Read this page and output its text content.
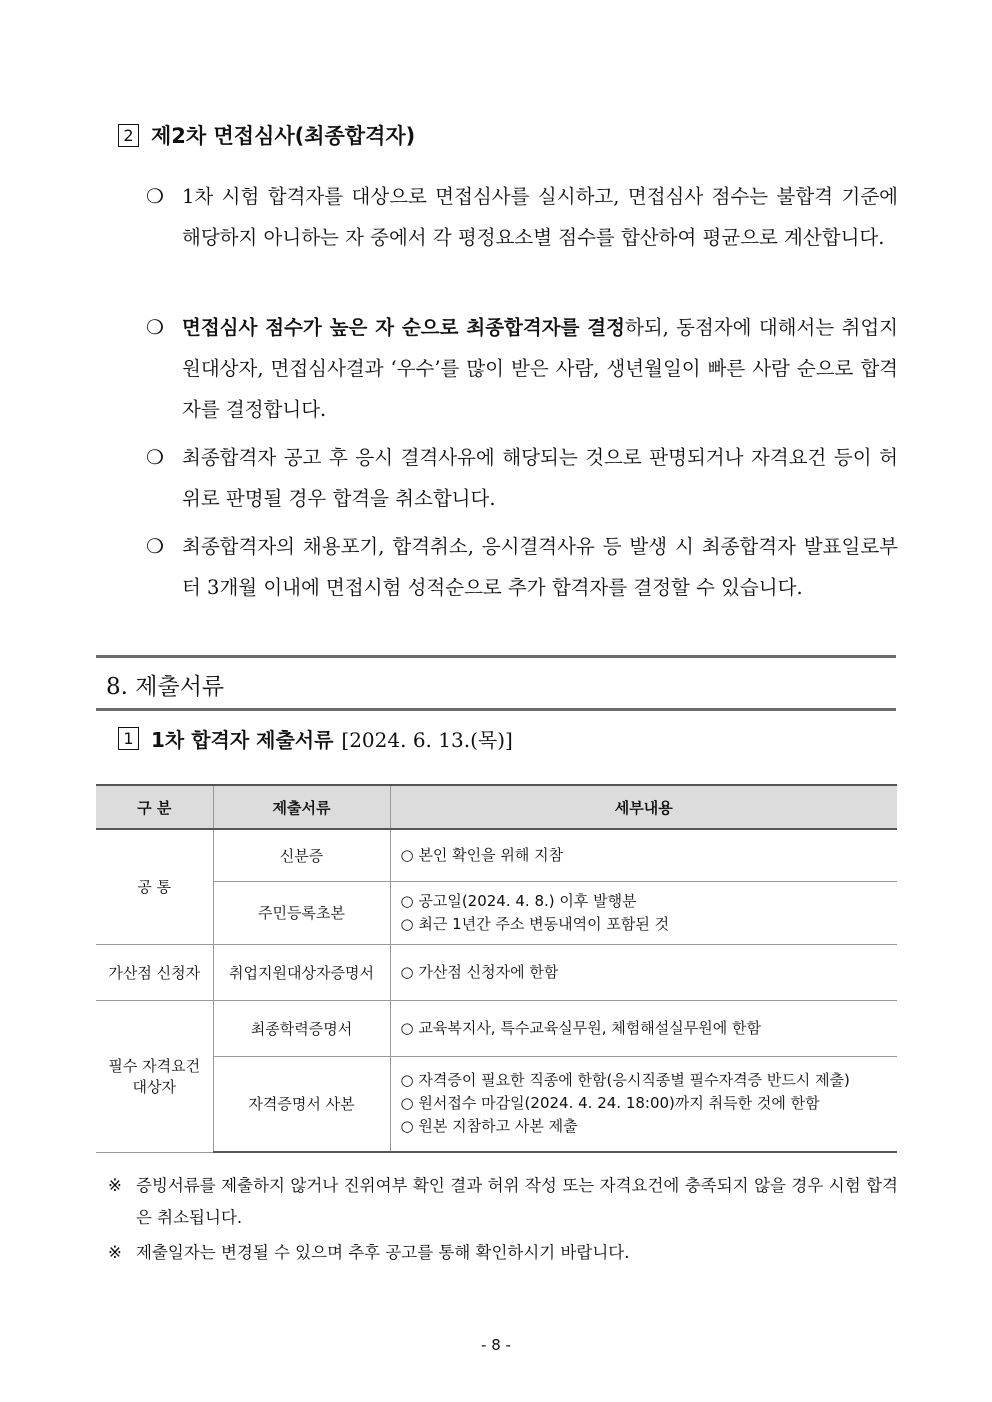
2 제2차 면접심사(최종합격자)
❍ 1차 시험 합격자를 대상으로 면접심사를 실시하고, 면접심사 점수는 불합격 기준에 해당하지 아니하는 자 중에서 각 평정요소별 점수를 합산하여 평균으로 계산합니다.
❍ 면접심사 점수가 높은 자 순으로 최종합격자를 결정하되, 동점자에 대해서는 취업지원대상자, 면접심사결과 ‘우수’를 많이 받은 사람, 생년월일이 빠른 사람 순으로 합격자를 결정합니다.
❍ 최종합격자 공고 후 응시 결격사유에 해당되는 것으로 판명되거나 자격요건 등이 허위로 판명될 경우 합격을 취소합니다.
❍ 최종합격자의 채용포기, 합격취소, 응시결격사유 등 발생 시 최종합격자 발표일로부터 3개월 이내에 면접시험 성적순으로 추가 합격자를 결정할 수 있습니다.
8. 제출서류
1 1차 합격자 제출서류 [2024. 6. 13.(목)]
구 분	제출서류	세부내용
공 통	신분증	○ 본인 확인을 위해 지참

	주민등록초본	○ 공고일(2024. 4. 8.) 이후 발행분
○ 최근 1년간 주소 변동내역이 포함된 것

가산점 신청자	취업지원대상자증명서	○ 가산점 신청자에 한함

필수 자격요건 대상자	최종학력증명서	○ 교육복지사, 특수교육실무원, 체험해설실무원에 한함

	자격증명서 사본	○ 자격증이 필요한 직종에 한함(응시직종별 필수자격증 반드시 제출)
○ 원서접수 마감일(2024. 4. 24. 18:00)까지 취득한 것에 한함
○ 원본 지참하고 사본 제출
※ 증빙서류를 제출하지 않거나 진위여부 확인 결과 허위 작성 또는 자격요건에 충족되지 않을 경우 시험 합격은 취소됩니다.
※ 제출일자는 변경될 수 있으며 추후 공고를 통해 확인하시기 바랍니다.
- 8 -
